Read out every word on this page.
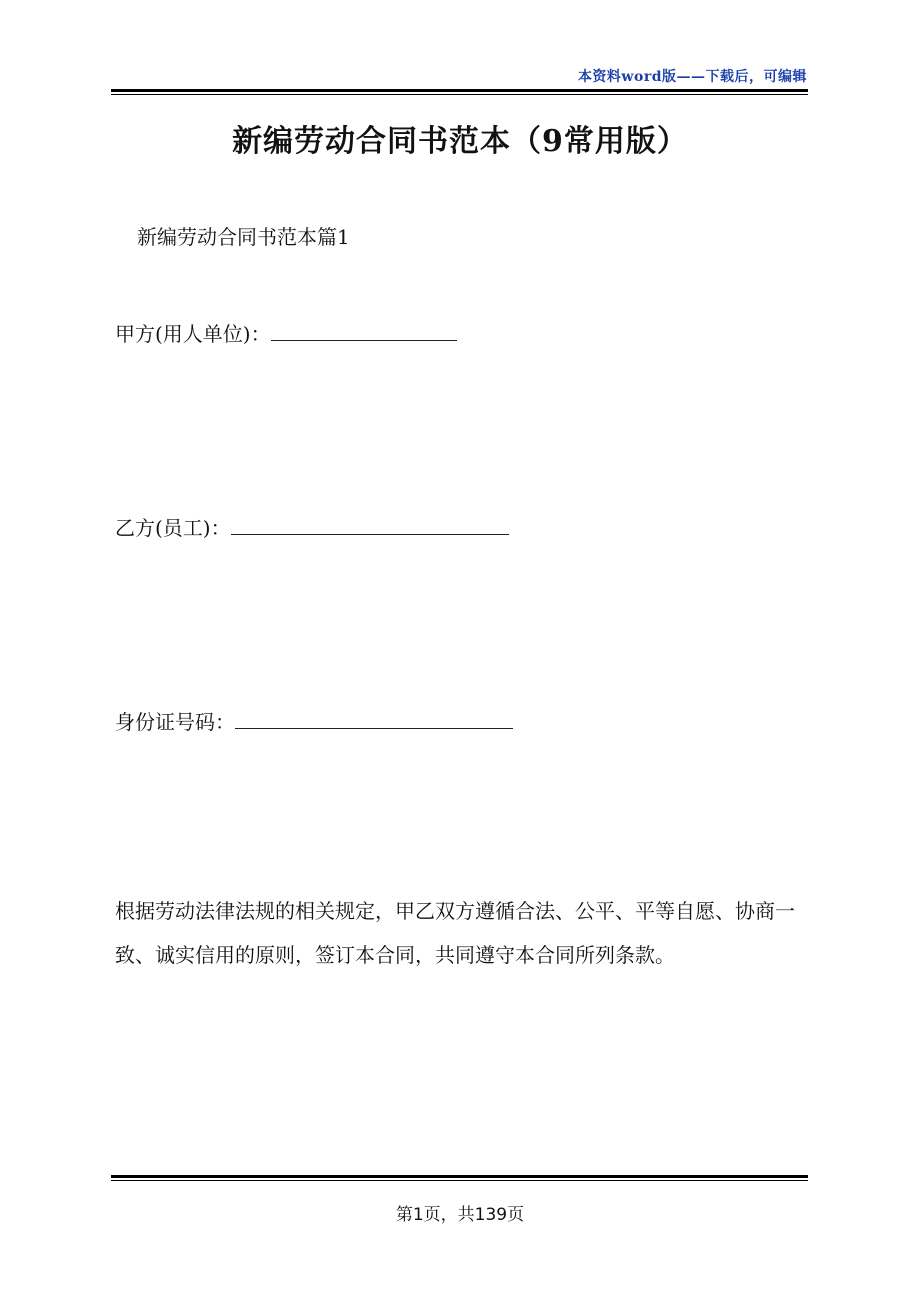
本资料word版——下载后，可编辑
新编劳动合同书范本（9常用版）
新编劳动合同书范本篇1
甲方(用人单位)：
乙方(员工)：
身份证号码：
根据劳动法律法规的相关规定，甲乙双方遵循合法、公平、平等自愿、协商一致、诚实信用的原则，签订本合同，共同遵守本合同所列条款。
第1页，共139页
